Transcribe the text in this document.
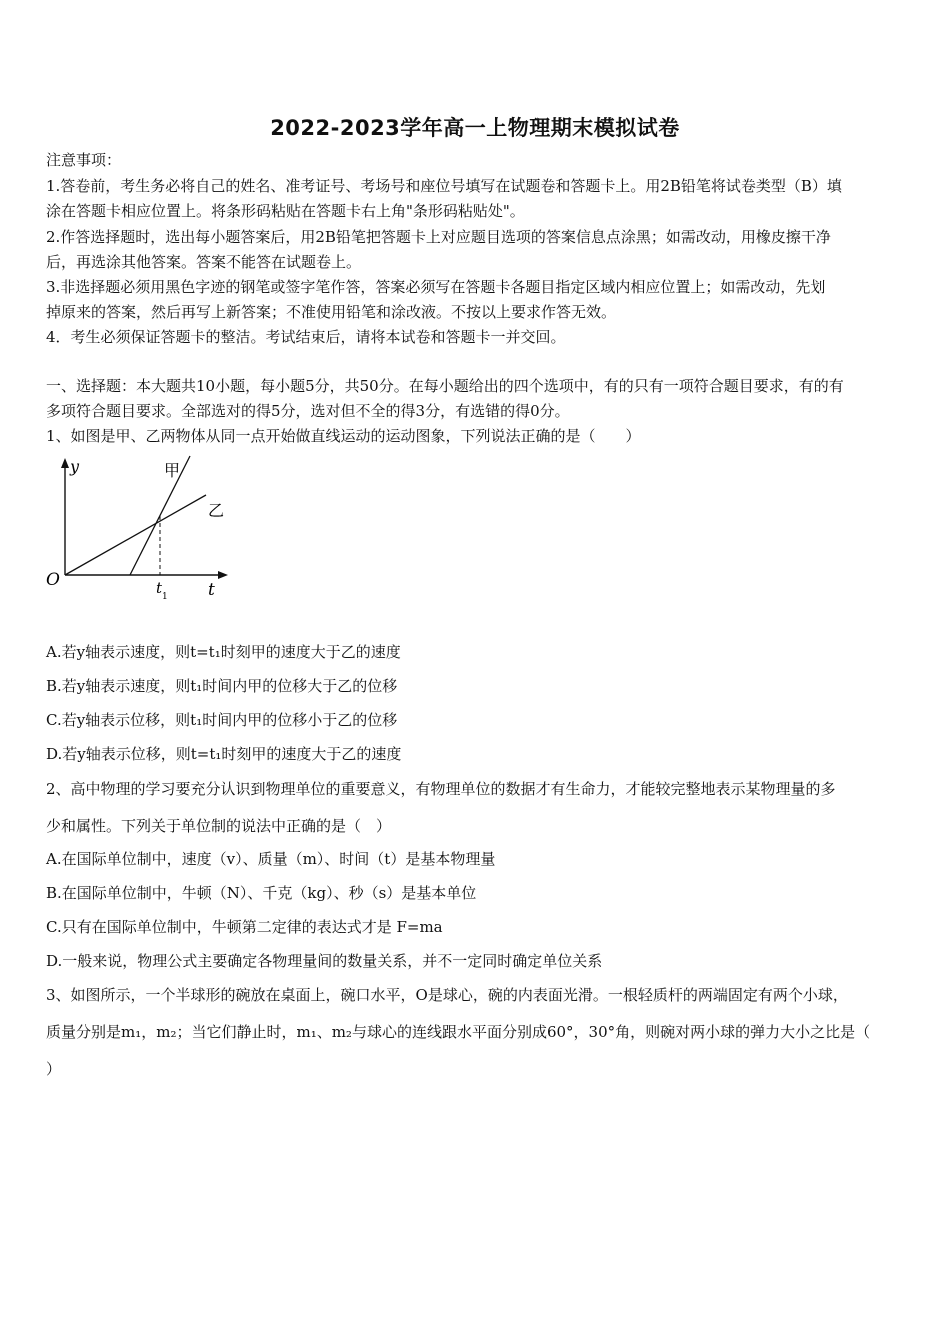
2022-2023学年高一上物理期末模拟试卷
注意事项：
1.答卷前，考生务必将自己的姓名、准考证号、考场号和座位号填写在试题卷和答题卡上。用2B铅笔将试卷类型（B）填
涂在答题卡相应位置上。将条形码粘贴在答题卡右上角"条形码粘贴处"。
2.作答选择题时，选出每小题答案后，用2B铅笔把答题卡上对应题目选项的答案信息点涂黑；如需改动，用橡皮擦干净
后，再选涂其他答案。答案不能答在试题卷上。
3.非选择题必须用黑色字迹的钢笔或签字笔作答，答案必须写在答题卡各题目指定区域内相应位置上；如需改动，先划
掉原来的答案，然后再写上新答案；不准使用铅笔和涂改液。不按以上要求作答无效。
4．考生必须保证答题卡的整洁。考试结束后，请将本试卷和答题卡一并交回。
一、选择题：本大题共10小题，每小题5分，共50分。在每小题给出的四个选项中，有的只有一项符合题目要求，有的有
多项符合题目要求。全部选对的得5分，选对但不全的得3分，有选错的得0分。
1、如图是甲、乙两物体从同一点开始做直线运动的运动图象，下列说法正确的是（　　）
y
O	t
t 1
甲
乙
A.若y轴表示速度，则t=t₁时刻甲的速度大于乙的速度
B.若y轴表示速度，则t₁时间内甲的位移大于乙的位移
C.若y轴表示位移，则t₁时间内甲的位移小于乙的位移
D.若y轴表示位移，则t=t₁时刻甲的速度大于乙的速度
2、高中物理的学习要充分认识到物理单位的重要意义，有物理单位的数据才有生命力，才能较完整地表示某物理量的多
少和属性。下列关于单位制的说法中正确的是（　）
A.在国际单位制中，速度（v）、质量（m）、时间（t）是基本物理量
B.在国际单位制中，牛顿（N）、千克（kg）、秒（s）是基本单位
C.只有在国际单位制中，牛顿第二定律的表达式才是 F=ma
D.一般来说，物理公式主要确定各物理量间的数量关系，并不一定同时确定单位关系
3、如图所示，一个半球形的碗放在桌面上，碗口水平，O是球心，碗的内表面光滑。一根轻质杆的两端固定有两个小球，
质量分别是m₁，m₂；当它们静止时，m₁、m₂与球心的连线跟水平面分别成60°，30°角，则碗对两小球的弹力大小之比是（
）
